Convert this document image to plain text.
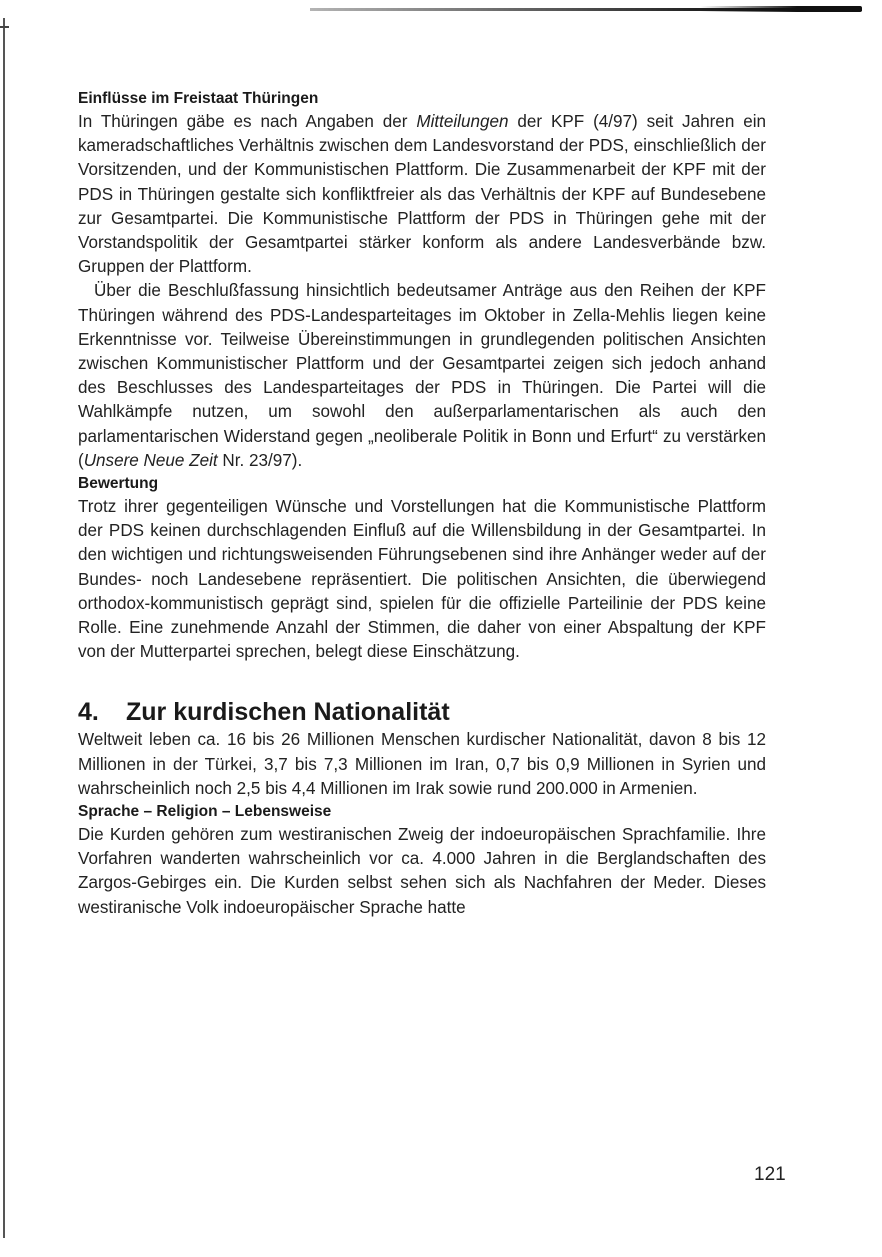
Einflüsse im Freistaat Thüringen

In Thüringen gäbe es nach Angaben der Mitteilungen der KPF (4/97) seit Jahren ein kameradschaftliches Verhältnis zwischen dem Landesvorstand der PDS, einschließlich der Vorsitzenden, und der Kommunistischen Plattform. Die Zusammenarbeit der KPF mit der PDS in Thüringen gestalte sich konfliktfreier als das Verhältnis der KPF auf Bundesebene zur Gesamtpartei. Die Kommunistische Plattform der PDS in Thüringen gehe mit der Vorstandspolitik der Gesamtpartei stärker konform als andere Landesverbände bzw. Gruppen der Plattform.

Über die Beschlußfassung hinsichtlich bedeutsamer Anträge aus den Reihen der KPF Thüringen während des PDS-Landesparteitages im Oktober in Zella-Mehlis liegen keine Erkenntnisse vor. Teilweise Übereinstimmungen in grundlegenden politischen Ansichten zwischen Kommunistischer Plattform und der Gesamtpartei zeigen sich jedoch anhand des Beschlusses des Landesparteitages der PDS in Thüringen. Die Partei will die Wahlkämpfe nutzen, um sowohl den außerparlamentarischen als auch den parlamentarischen Widerstand gegen „neoliberale Politik in Bonn und Erfurt“ zu verstärken (Unsere Neue Zeit Nr. 23/97).

Bewertung

Trotz ihrer gegenteiligen Wünsche und Vorstellungen hat die Kommunistische Plattform der PDS keinen durchschlagenden Einfluß auf die Willensbildung in der Gesamtpartei. In den wichtigen und richtungsweisenden Führungsebenen sind ihre Anhänger weder auf der Bundes- noch Landesebene repräsentiert. Die politischen Ansichten, die überwiegend orthodox-kommunistisch geprägt sind, spielen für die offizielle Parteilinie der PDS keine Rolle. Eine zunehmende Anzahl der Stimmen, die daher von einer Abspaltung der KPF von der Mutterpartei sprechen, belegt diese Einschätzung.

4.	Zur kurdischen Nationalität

Weltweit leben ca. 16 bis 26 Millionen Menschen kurdischer Nationalität, davon 8 bis 12 Millionen in der Türkei, 3,7 bis 7,3 Millionen im Iran, 0,7 bis 0,9 Millionen in Syrien und wahrscheinlich noch 2,5 bis 4,4 Millionen im Irak sowie rund 200.000 in Armenien.

Sprache – Religion – Lebensweise

Die Kurden gehören zum westiranischen Zweig der indoeuropäischen Sprachfamilie. Ihre Vorfahren wanderten wahrscheinlich vor ca. 4.000 Jahren in die Berglandschaften des Zargos-Gebirges ein. Die Kurden selbst sehen sich als Nachfahren der Meder. Dieses westiranische Volk indoeuropäischer Sprache hatte

121
